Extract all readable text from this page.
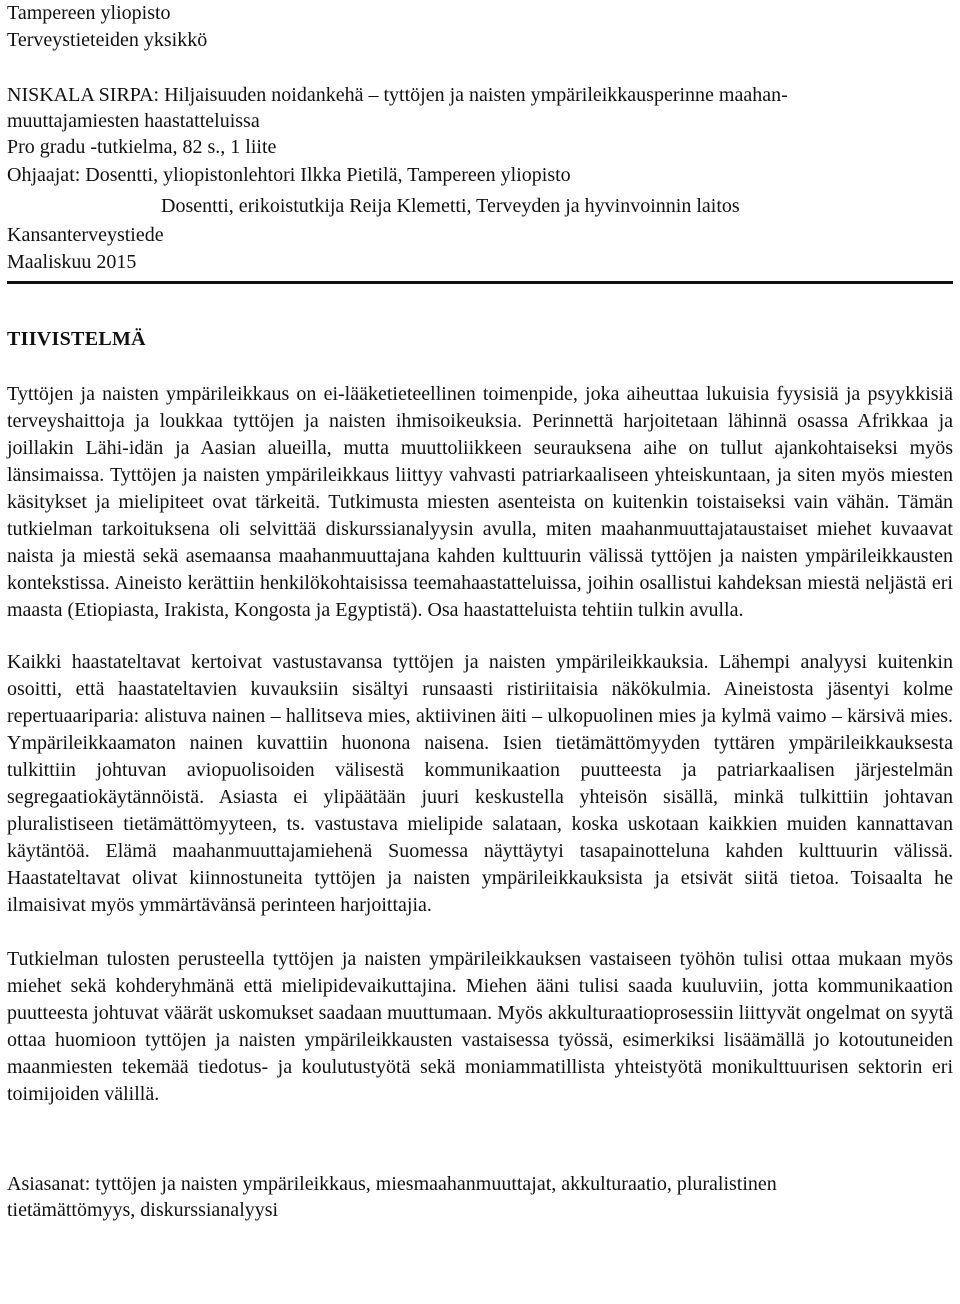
Tampereen yliopisto

Terveystieteiden yksikkö

NISKALA SIRPA: Hiljaisuuden noidankehä – tyttöjen ja naisten ympärileikkausperinne maahan-

muuttajamiesten haastatteluissa

Pro gradu -tutkielma, 82 s., 1 liite

Ohjaajat: Dosentti, yliopistonlehtori Ilkka Pietilä, Tampereen yliopisto

Dosentti, erikoistutkija Reija Klemetti, Terveyden ja hyvinvoinnin laitos

Kansanterveystiede

Maaliskuu 2015

TIIVISTELMÄ

Tyttöjen ja naisten ympärileikkaus on ei-lääketieteellinen toimenpide, joka aiheuttaa lukuisia fyysisiä ja psyykkisiä terveyshaittoja ja loukkaa tyttöjen ja naisten ihmisoikeuksia. Perinnettä harjoitetaan lähinnä osassa Afrikkaa ja joillakin Lähi-idän ja Aasian alueilla, mutta muuttoliikkeen seurauksena aihe on tullut ajankohtaiseksi myös länsimaissa. Tyttöjen ja naisten ympärileikkaus liittyy vahvasti patriarkaaliseen yhteiskuntaan, ja siten myös miesten käsitykset ja mielipiteet ovat tärkeitä. Tutkimusta miesten asenteista on kuitenkin toistaiseksi vain vähän. Tämän tutkielman tarkoituksena oli selvittää diskurssianalyysin avulla, miten maahanmuuttajataustaiset miehet kuvaavat naista ja miestä sekä asemaansa maahanmuuttajana kahden kulttuurin välissä tyttöjen ja naisten ympärileikkausten kontekstissa. Aineisto kerättiin henkilökohtaisissa teemahaastatteluissa, joihin osallistui kahdeksan miestä neljästä eri maasta (Etiopiasta, Irakista, Kongosta ja Egyptistä). Osa haastatteluista tehtiin tulkin avulla.

Kaikki haastateltavat kertoivat vastustavansa tyttöjen ja naisten ympärileikkauksia. Lähempi analyysi kuitenkin osoitti, että haastateltavien kuvauksiin sisältyi runsaasti ristiriitaisia näkökulmia. Aineistosta jäsentyi kolme repertuaariparia: alistuva nainen – hallitseva mies, aktiivinen äiti – ulkopuolinen mies ja kylmä vaimo – kärsivä mies. Ympärileikkaamaton nainen kuvattiin huonona naisena. Isien tietämättömyyden tyttären ympärileikkauksesta tulkittiin johtuvan aviopuolisoiden välisestä kommunikaation puutteesta ja patriarkaalisen järjestelmän segregaatiokäytännöistä. Asiasta ei ylipäätään juuri keskustella yhteisön sisällä, minkä tulkittiin johtavan pluralistiseen tietämättömyyteen, ts. vastustava mielipide salataan, koska uskotaan kaikkien muiden kannattavan käytäntöä. Elämä maahanmuuttajamiehenä Suomessa näyttäytyi tasapainotteluna kahden kulttuurin välissä. Haastateltavat olivat kiinnostuneita tyttöjen ja naisten ympärileikkauksista ja etsivät siitä tietoa. Toisaalta he ilmaisivat myös ymmärtävänsä perinteen harjoittajia.

Tutkielman tulosten perusteella tyttöjen ja naisten ympärileikkauksen vastaiseen työhön tulisi ottaa mukaan myös miehet sekä kohderyhmänä että mielipidevaikuttajina. Miehen ääni tulisi saada kuuluviin, jotta kommunikaation puutteesta johtuvat väärät uskomukset saadaan muuttumaan. Myös akkulturaatioprosessiin liittyvät ongelmat on syytä ottaa huomioon tyttöjen ja naisten ympärileikkausten vastaisessa työssä, esimerkiksi lisäämällä jo kotoutuneiden maanmiesten tekemää tiedotus- ja koulutustyötä sekä moniammatillista yhteistyötä monikulttuurisen sektorin eri toimijoiden välillä.

Asiasanat: tyttöjen ja naisten ympärileikkaus, miesmaahanmuuttajat, akkulturaatio, pluralistinen
tietämättömyys, diskurssianalyysi
